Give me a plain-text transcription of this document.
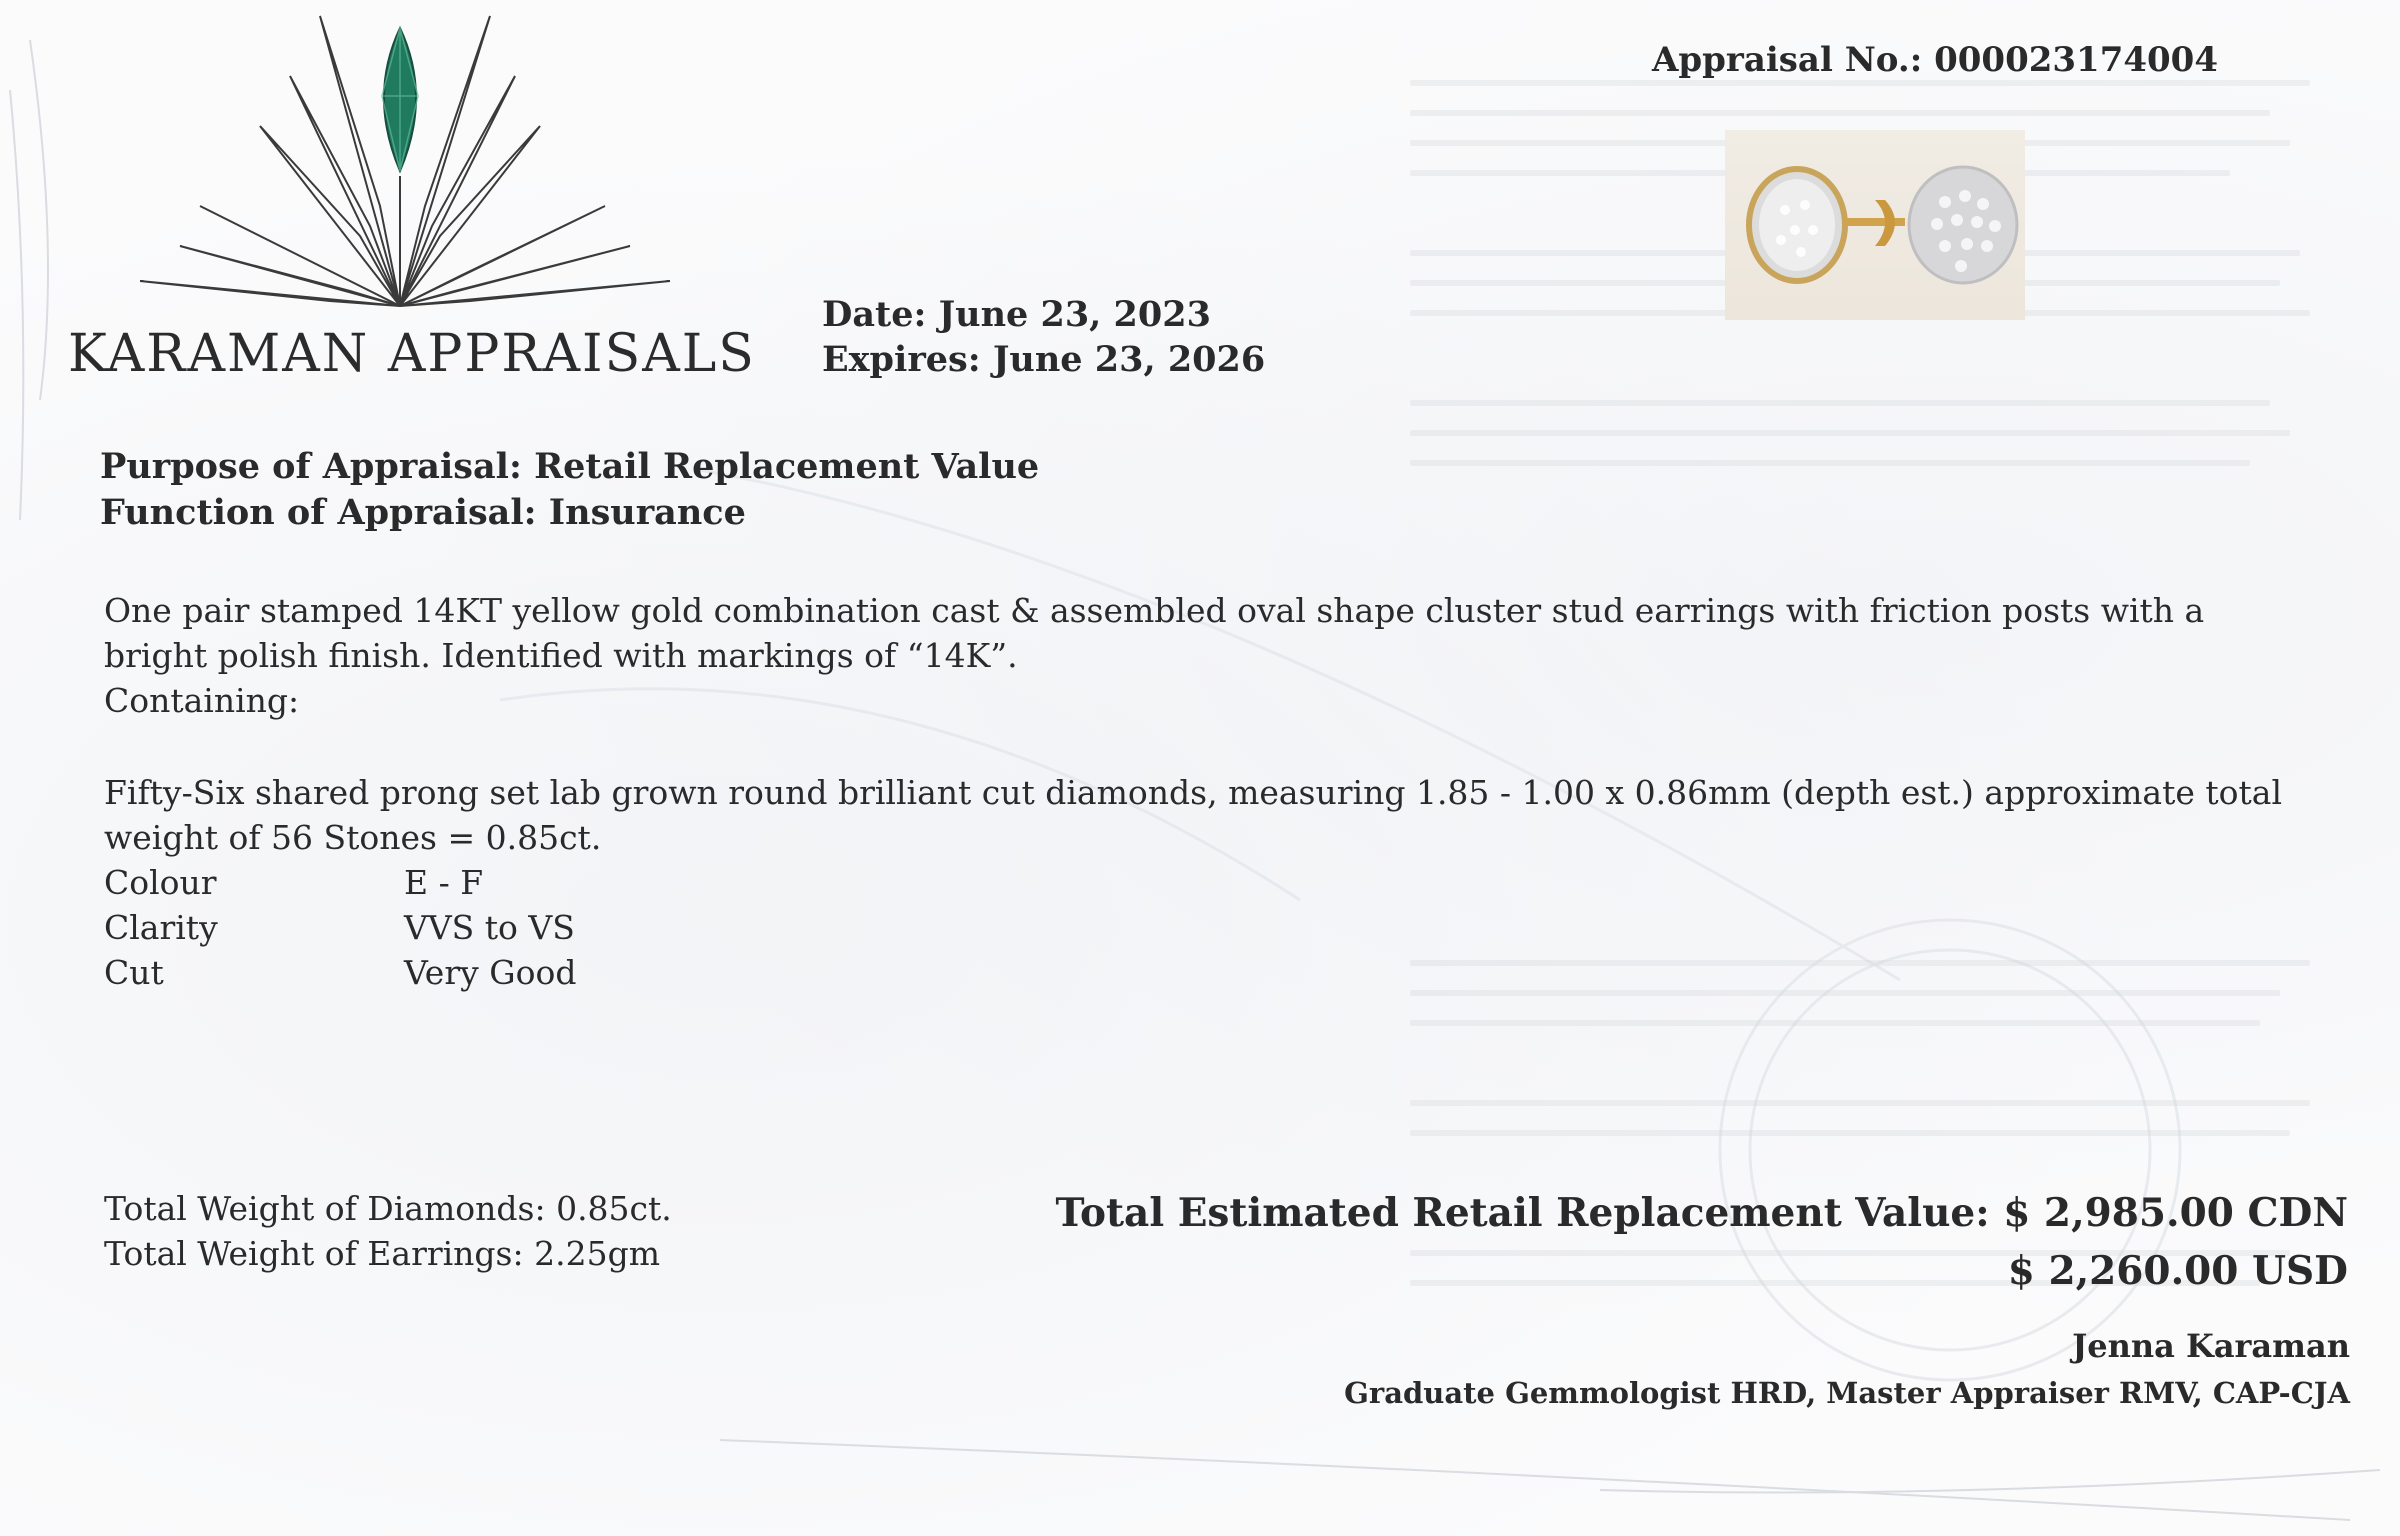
KARAMAN APPRAISALS
Appraisal No.: 000023174004
Date: June 23, 2023
Expires: June 23, 2026
Purpose of Appraisal: Retail Replacement Value
Function of Appraisal: Insurance

One pair stamped 14KT yellow gold combination cast & assembled oval shape cluster stud earrings with friction posts with a bright polish finish. Identified with markings of “14K”.

Containing:

Fifty-Six shared prong set lab grown round brilliant cut diamonds, measuring 1.85 - 1.00 x 0.86mm (depth est.) approximate total weight of 56 Stones = 0.85ct.

Colour	E - F
Clarity	VVS to VS
Cut	Very Good
Total Weight of Diamonds: 0.85ct.
Total Weight of Earrings: 2.25gm
Total Estimated Retail Replacement Value: $ 2,985.00 CDN
$ 2,260.00 USD
Jenna Karaman
Graduate Gemmologist HRD, Master Appraiser RMV, CAP-CJA
